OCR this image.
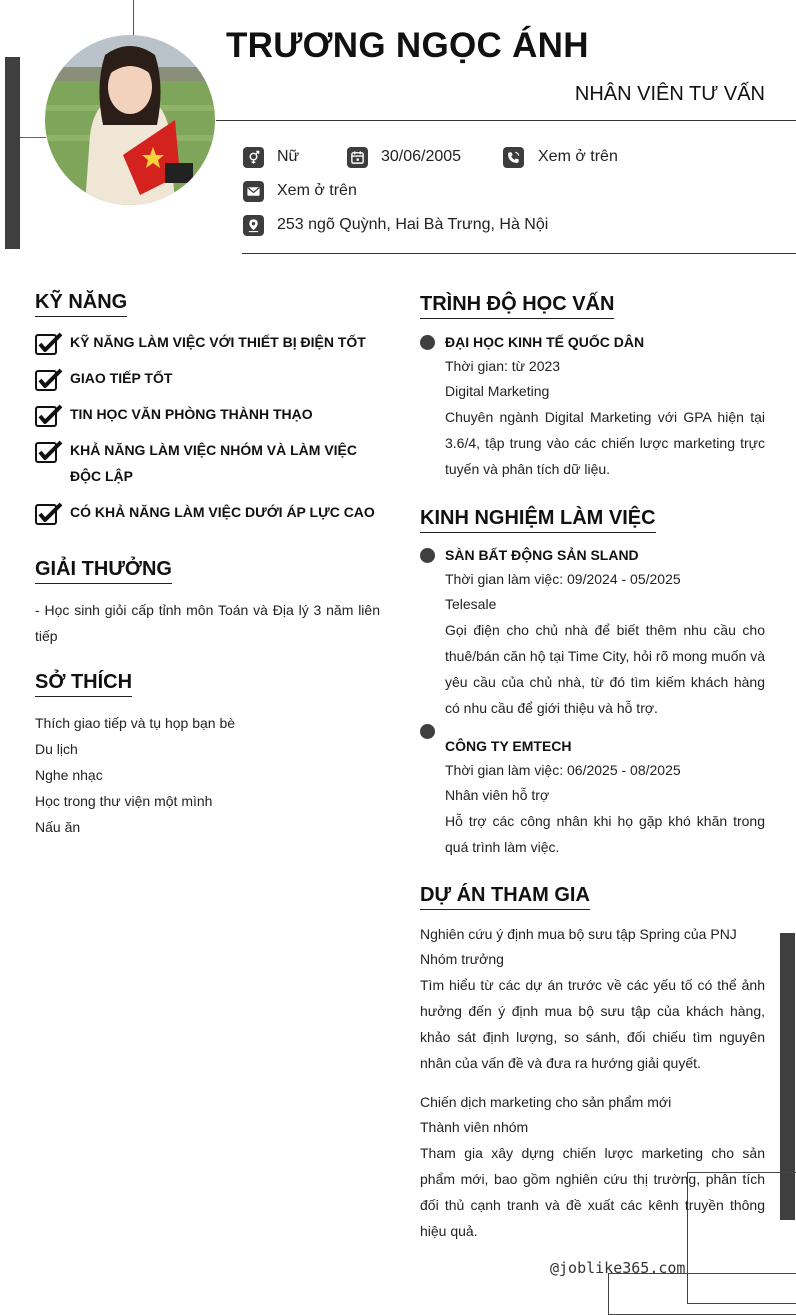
TRƯƠNG NGỌC ÁNH
NHÂN VIÊN TƯ VẤN
Nữ	30/06/2005	Xem ở trên
Xem ở trên
253 ngõ Quỳnh, Hai Bà Trưng, Hà Nội
KỸ NĂNG
KỸ NĂNG LÀM VIỆC VỚI THIẾT BỊ ĐIỆN TỐT
GIAO TIẾP TỐT
TIN HỌC VĂN PHÒNG THÀNH THẠO
KHẢ NĂNG LÀM VIỆC NHÓM VÀ LÀM VIỆC ĐỘC LẬP
CÓ KHẢ NĂNG LÀM VIỆC DƯỚI ÁP LỰC CAO
GIẢI THƯỞNG
- Học sinh giỏi cấp tỉnh môn Toán và Địa lý 3 năm liên tiếp
SỞ THÍCH
Thích giao tiếp và tụ họp bạn bè
Du lịch
Nghe nhạc
Học trong thư viện một mình
Nấu ăn
TRÌNH ĐỘ HỌC VẤN
ĐẠI HỌC KINH TẾ QUỐC DÂN
Thời gian: từ 2023
Digital Marketing
Chuyên ngành Digital Marketing với GPA hiện tại 3.6/4, tập trung vào các chiến lược marketing trực tuyến và phân tích dữ liệu.
KINH NGHIỆM LÀM VIỆC
SÀN BẤT ĐỘNG SẢN SLAND
Thời gian làm việc: 09/2024 - 05/2025
Telesale
Gọi điện cho chủ nhà để biết thêm nhu cầu cho thuê/bán căn hộ tại Time City, hỏi rõ mong muốn và yêu cầu của chủ nhà, từ đó tìm kiếm khách hàng có nhu cầu để giới thiệu và hỗ trợ.
CÔNG TY EMTECH
Thời gian làm việc: 06/2025 - 08/2025
Nhân viên hỗ trợ
Hỗ trợ các công nhân khi họ gặp khó khăn trong quá trình làm việc.
DỰ ÁN THAM GIA
Nghiên cứu ý định mua bộ sưu tập Spring của PNJ
Nhóm trưởng
Tìm hiểu từ các dự án trước về các yếu tố có thể ảnh hưởng đến ý định mua bộ sưu tập của khách hàng, khảo sát định lượng, so sánh, đối chiếu tìm nguyên nhân của vấn đề và đưa ra hướng giải quyết.
Chiến dịch marketing cho sản phẩm mới
Thành viên nhóm
Tham gia xây dựng chiến lược marketing cho sản phẩm mới, bao gồm nghiên cứu thị trường, phân tích đối thủ cạnh tranh và đề xuất các kênh truyền thông hiệu quả.
@joblike365.com
